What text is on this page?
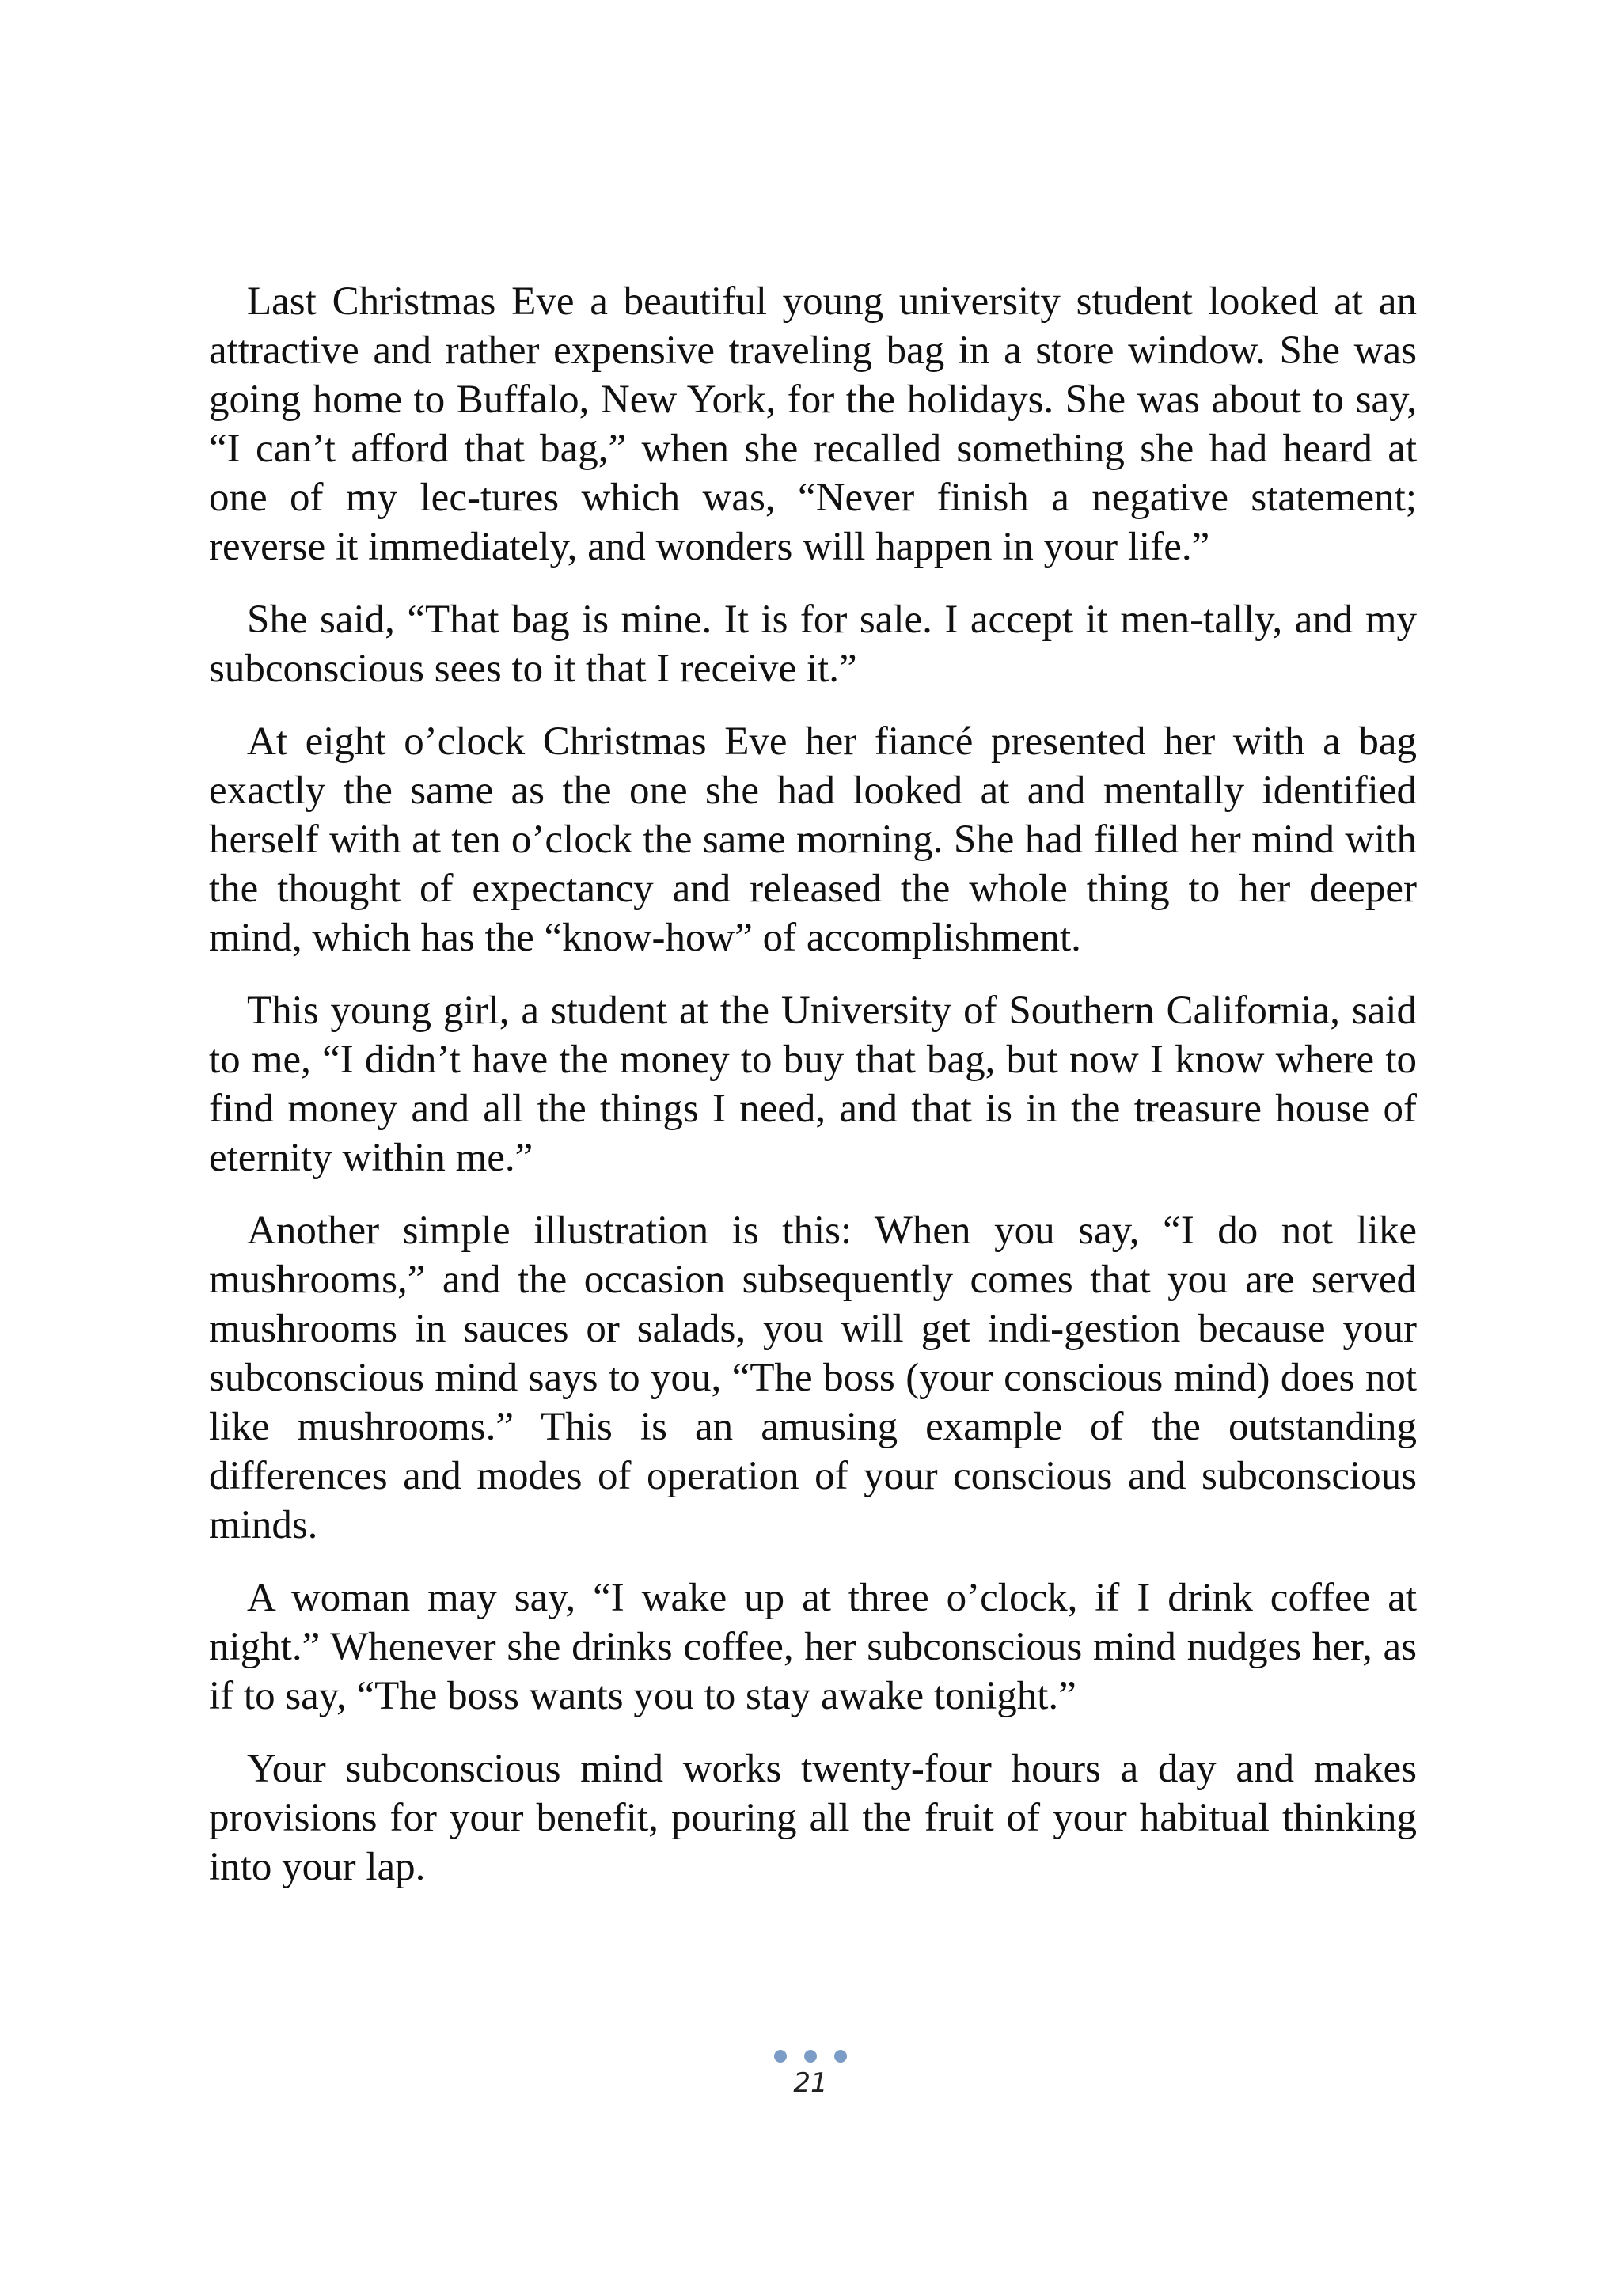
Last Christmas Eve a beautiful young university student looked at an attractive and rather expensive traveling bag in a store window. She was going home to Buffalo, New York, for the holidays. She was about to say, “I can’t afford that bag,” when she recalled something she had heard at one of my lec-tures which was, “Never finish a negative statement; reverse it immediately, and wonders will happen in your life.”

She said, “That bag is mine. It is for sale. I accept it men-tally, and my subconscious sees to it that I receive it.”

At eight o’clock Christmas Eve her fiancé presented her with a bag exactly the same as the one she had looked at and mentally identified herself with at ten o’clock the same morning. She had filled her mind with the thought of expectancy and released the whole thing to her deeper mind, which has the “know-how” of accomplishment.

This young girl, a student at the University of Southern California, said to me, “I didn’t have the money to buy that bag, but now I know where to find money and all the things I need, and that is in the treasure house of eternity within me.”

Another simple illustration is this: When you say, “I do not like mushrooms,” and the occasion subsequently comes that you are served mushrooms in sauces or salads, you will get indi-gestion because your subconscious mind says to you, “The boss (your conscious mind) does not like mushrooms.” This is an amusing example of the outstanding differences and modes of operation of your conscious and subconscious minds.

A woman may say, “I wake up at three o’clock, if I drink coffee at night.” Whenever she drinks coffee, her subconscious mind nudges her, as if to say, “The boss wants you to stay awake tonight.”

Your subconscious mind works twenty-four hours a day and makes provisions for your benefit, pouring all the fruit of your habitual thinking into your lap.

21
